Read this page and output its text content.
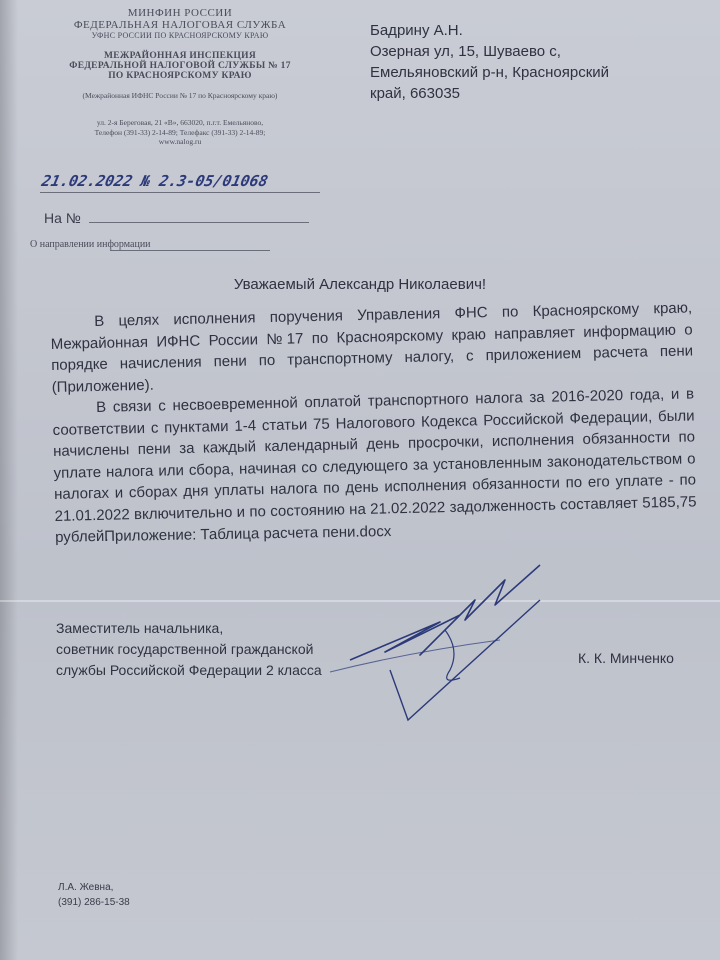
МИНФИН РОССИИ
ФЕДЕРАЛЬНАЯ НАЛОГОВАЯ СЛУЖБА
УФНС РОССИИ ПО КРАСНОЯРСКОМУ КРАЮ
МЕЖРАЙОННАЯ ИНСПЕКЦИЯ
ФЕДЕРАЛЬНОЙ НАЛОГОВОЙ СЛУЖБЫ № 17
ПО КРАСНОЯРСКОМУ КРАЮ
(Межрайонная ИФНС России № 17 по Красноярскому краю)
ул. 2-я Береговая, 21 «В», 663020, п.г.т. Емельяново,
Телефон (391-33) 2-14-89; Телефакс (391-33) 2-14-89;
www.nalog.ru
Бадрину А.Н.
Озерная ул, 15, Шуваево с,
Емельяновский р-н, Красноярский
край, 663035
21.02.2022 № 2.3-05/01068
На №
О направлении информации
Уважаемый Александр Николаевич!

В целях исполнения поручения Управления ФНС по Красноярскому краю, Межрайонная ИФНС России №17 по Красноярскому краю направляет информацию о порядке начисления пени по транспортному налогу, с приложением расчета пени (Приложение).

В связи с несвоевременной оплатой транспортного налога за 2016-2020 года, и в соответствии с пунктами 1-4 статьи 75 Налогового Кодекса Российской Федерации, были начислены пени за каждый календарный день просрочки, исполнения обязанности по уплате налога или сбора, начиная со следующего за установленным законодательством о налогах и сборах дня уплаты налога по день исполнения обязанности по его уплате - по 21.01.2022 включительно и по состоянию на 21.02.2022 задолженность составляет 5185,75 рублей.

Приложение: Таблица расчета пени.docx
Заместитель начальника,
советник государственной гражданской
службы Российской Федерации 2 класса
К. К. Минченко
Л.А. Жевна,
(391) 286-15-38
